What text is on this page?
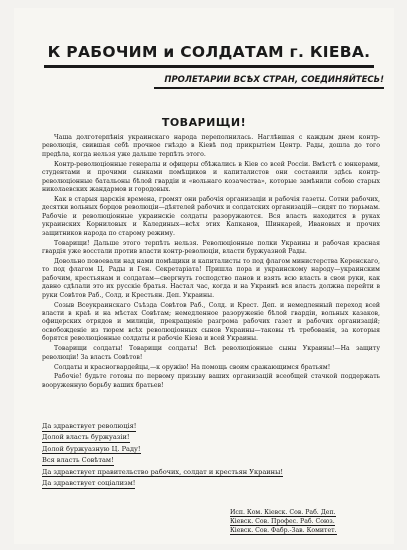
К РАБОЧИМ и СОЛДАТАМ г. КІЕВА.
ПРОЛЕТАРИИ ВСѢХ СТРАН, СОЕДИНЯЙТЕСЬ!
ТОВАРИЩИ!

Чаша долготерпѣнія украинскаго народа переполнилась. Наглѣвшая с каждым днем контр-революція, свившая себѣ прочное гнѣздо в Кіевѣ под прикрытіем Центр. Рады, дошла до того предѣла, когда нельзя уже дальше терпѣть этого.

Контр-революціонные генералы и офицеры сбѣжались в Кіев со всей Россіи. Вмѣстѣ с юнкерами, студентами и прочими сынками помѣщиков и капиталистов они составили здѣсь контр-революціонные батальоны бѣлой гвардіи и «вольнаго козачества», которые замѣнили собою старых николаевских жандармов и городовых.

Как в старыя царскія времена, громят они рабочія организаціи и рабочія газеты. Сотни рабочих, десятки вольных борцов революціи—дѣятелей рабочих и солдатских организацій—сидят по тюрьмам. Рабочіе и революціонные украинскіе солдаты разоружаются. Вся власть находится в руках украинских Корниловых и Калединых—всѣх этих Капканов, Шинкарей, Ивановых и прочих защитников народа по старому режиму.

Товарищи! Дальше этого терпѣть нельзя. Революціонные полки Украины и рабочая красная гвардія уже восстали против власти контр-революціи, власти буржуазной Рады.

Довольно повоевали над нами помѣщики и капиталисты то под флагом министерства Керенскаго, то под флагом Ц. Рады и Ген. Секретаріата! Пришла пора и украинскому народу—украинским рабочим, крестьянам и солдатам—свергнуть господство панов и взять всю власть в свои руки, как давно сдѣлали это их русскіе братья. Настал час, когда и на Украинѣ вся власть должна перейти в руки Совѣтов Раб., Солд. и Крестьян. Деп. Украины.

Созыв Всеукраинскаго Съѣзда Совѣтов Раб., Солд. и Крест. Деп. и немедленный переход всей власти в краѣ и на мѣстах Совѣтам; немедленное разоруженіе бѣлой гвардіи, вольных казаков, офицерских отрядов и милиціи, прекращеніе разгрома рабочих газет и рабочих организацій; освобожденіе из тюрем всѣх революціонных сынов Украины—таковы тѣ требованія, за которыя борятся революціонные солдаты и рабочіе Кіева и всей Украины.

Товарищи солдаты! Товарищи солдаты! Всѣ революціонные сыны Украины!—На защиту революціи! За власть Совѣтов!

Солдаты и красногвардейцы,—к оружію! На помощь своим сражающимся братьям!

Рабочіе! будьте готовы по первому призыву ваших организацій всеобщей стачкой поддержать вооруженную борьбу ваших братьев!

Да здравствует революція!
Долой власть буржуазіи!
Долой буржуазную Ц. Раду!
Вся власть Совѣтам!
Да здравствует правительство рабочих, солдат и крестьян Украины!
Да здравствует соціализм!
Исп. Ком. Кіевск. Сов. Раб. Деп.
Кіевск. Сов. Профес. Раб. Союз.
Кіевск. Сов. Фабр.-Зав. Комитет.
